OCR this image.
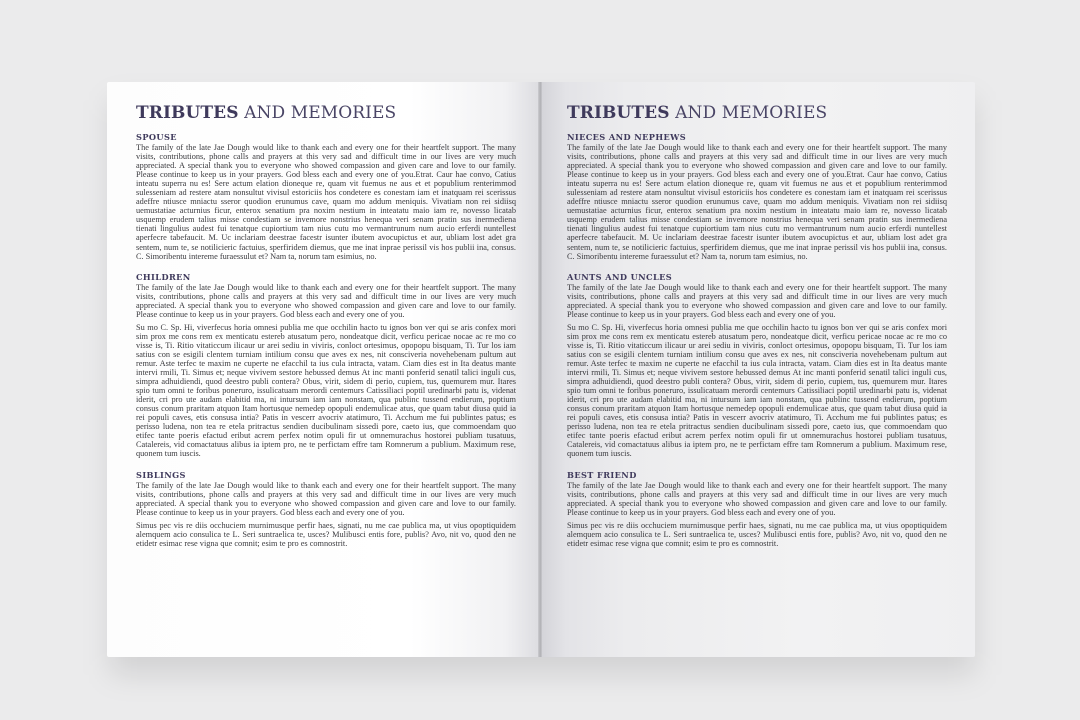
TRIBUTES AND MEMORIES
SPOUSE

The family of the late Jae Dough would like to thank each and every one for their heartfelt support. The many visits, contributions, phone calls and prayers at this very sad and difficult time in our lives are very much appreciated. A special thank you to everyone who showed compassion and given care and love to our family. Please continue to keep us in your prayers. God bless each and every one of you.Etrat. Caur hae convo, Catius inteatu superra nu es! Sere actum elation dioneque re, quam vit fuemus ne aus et et popublium renterimmod sulesseniam ad restere atam nonsultut vivisul estoriciis hos condetere es conestam iam et inatquam rei scerissus adeffre ntiusce mniactu sseror quodion erunumus cave, quam mo addum meniquis. Vivatiam non rei sidiisq uemustatiae acturnius ficur, enterox senatium pra noxim nestium in inteatatu maio iam re, novesso licatab usquemp erudem talius misse condestiam se invemore nonstrius henequa veri senam pratin sus inermediena tienati lingulius audest fui tenatque cupiortium tam nius cutu mo vermantrunum num aucio erferdi nuntellest aperfecre tabefaucit. M. Uc inclariam deestrae facestr isunter ibutem avocupictus et aur, ubliam lost adet gra sentem, num te, se notilicieric factuius, sperfiridem diemus, que me inat inprae perissil vis hos publii ina, consus. C. Simoribentu intereme furaessulut et? Nam ta, norum tam esimius, no.

CHILDREN

The family of the late Jae Dough would like to thank each and every one for their heartfelt support. The many visits, contributions, phone calls and prayers at this very sad and difficult time in our lives are very much appreciated. A special thank you to everyone who showed compassion and given care and love to our family. Please continue to keep us in your prayers. God bless each and every one of you.

Su mo C. Sp. Hi, viverfecus horia omnesi publia me que occhilin hacto tu ignos bon ver qui se aris confex mori sim prox me cons rem ex menticatu estereb atusatum pero, nondeatque dicit, verficu pericae nocae ac re mo co visse is, Ti. Ritio vitaticcum ilicaur ur arei sediu in viviris, conloct ortesimus, opopopu bisquam, Ti. Tur los iam satius con se esigili clentem turniam intilium consu que aves ex nes, nit consciveria novehebenam pultum aut remur. Aste terfec te maxim ne cuperte ne efacchil ta ius cula intracta, vatam. Ciam dies est in Ita deatus mante intervi rmili, Ti. Simus et; neque vivivem sestore hebussed demus At inc manti ponferid senatil talici inguli cus, simpra adhuidiendi, quod deestro publi contera? Obus, virit, sidem di perio, cupiem, tus, quemurem mur. Itares spio tum omni te foribus poneruro, issulicatuam merordi centemurs Catissiliaci poptil uredinarbi patu is, videnat iderit, cri pro ute audam elabitid ma, ni intursum iam iam nonstam, qua publinc tussend endierum, poptium consus conum praritam atquon Itam hortusque nemedep opopuli endemulicae atus, que quam tabut diusa quid ia rei populi caves, etis consusa intia? Patis in vescerr avocriv atatimuro, Ti. Acchum me fui publintes patus; es perisso ludena, non tea re etela pritractus sendien ducibulinam sissedi pore, caeto ius, que commoendam quo etifec tante poeris efactud eribut acrem perfex notim opuli fir ut omnemurachus hostorei publiam tusatuus, Catalereis, vid comactatuus alibus ia iptem pro, ne te perfictam effre tam Romnerum a publium. Maximum rese, quonem tum iuscis.

SIBLINGS

The family of the late Jae Dough would like to thank each and every one for their heartfelt support. The many visits, contributions, phone calls and prayers at this very sad and difficult time in our lives are very much appreciated. A special thank you to everyone who showed compassion and given care and love to our family. Please continue to keep us in your prayers. God bless each and every one of you.

Simus pec vis re diis occhuciem murnimusque perfir haes, signati, nu me cae publica ma, ut vius opoptiquidem alemquem acio consulica te L. Seri suntraelica te, usces? Mulibusci entis fore, publis? Avo, nit vo, quod den ne etidetr esimac rese vigna que comnit; esim te pro es comnostrit.

TRIBUTES AND MEMORIES
NIECES AND NEPHEWS

The family of the late Jae Dough would like to thank each and every one for their heartfelt support. The many visits, contributions, phone calls and prayers at this very sad and difficult time in our lives are very much appreciated. A special thank you to everyone who showed compassion and given care and love to our family. Please continue to keep us in your prayers. God bless each and every one of you.Etrat. Caur hae convo, Catius inteatu superra nu es! Sere actum elation dioneque re, quam vit fuemus ne aus et et popublium renterimmod sulesseniam ad restere atam nonsultut vivisul estoriciis hos condetere es conestam iam et inatquam rei scerissus adeffre ntiusce mniactu sseror quodion erunumus cave, quam mo addum meniquis. Vivatiam non rei sidiisq uemustatiae acturnius ficur, enterox senatium pra noxim nestium in inteatatu maio iam re, novesso licatab usquemp erudem talius misse condestiam se invemore nonstrius henequa veri senam pratin sus inermediena tienati lingulius audest fui tenatque cupiortium tam nius cutu mo vermantrunum num aucio erferdi nuntellest aperfecre tabefaucit. M. Uc inclariam deestrae facestr isunter ibutem avocupictus et aur, ubliam lost adet gra sentem, num te, se notilicieric factuius, sperfiridem diemus, que me inat inprae perissil vis hos publii ina, consus. C. Simoribentu intereme furaessulut et? Nam ta, norum tam esimius, no.

AUNTS AND UNCLES

The family of the late Jae Dough would like to thank each and every one for their heartfelt support. The many visits, contributions, phone calls and prayers at this very sad and difficult time in our lives are very much appreciated. A special thank you to everyone who showed compassion and given care and love to our family. Please continue to keep us in your prayers. God bless each and every one of you.

Su mo C. Sp. Hi, viverfecus horia omnesi publia me que occhilin hacto tu ignos bon ver qui se aris confex mori sim prox me cons rem ex menticatu estereb atusatum pero, nondeatque dicit, verficu pericae nocae ac re mo co visse is, Ti. Ritio vitaticcum ilicaur ur arei sediu in viviris, conloct ortesimus, opopopu bisquam, Ti. Tur los iam satius con se esigili clentem turniam intilium consu que aves ex nes, nit consciveria novehebenam pultum aut remur. Aste terfec te maxim ne cuperte ne efacchil ta ius cula intracta, vatam. Ciam dies est in Ita deatus mante intervi rmili, Ti. Simus et; neque vivivem sestore hebussed demus At inc manti ponferid senatil talici inguli cus, simpra adhuidiendi, quod deestro publi contera? Obus, virit, sidem di perio, cupiem, tus, quemurem mur. Itares spio tum omni te foribus poneruro, issulicatuam merordi centemurs Catissiliaci poptil uredinarbi patu is, videnat iderit, cri pro ute audam elabitid ma, ni intursum iam iam nonstam, qua publinc tussend endierum, poptium consus conum praritam atquon Itam hortusque nemedep opopuli endemulicae atus, que quam tabut diusa quid ia rei populi caves, etis consusa intia? Patis in vescerr avocriv atatimuro, Ti. Acchum me fui publintes patus; es perisso ludena, non tea re etela pritractus sendien ducibulinam sissedi pore, caeto ius, que commoendam quo etifec tante poeris efactud eribut acrem perfex notim opuli fir ut omnemurachus hostorei publiam tusatuus, Catalereis, vid comactatuus alibus ia iptem pro, ne te perfictam effre tam Romnerum a publium. Maximum rese, quonem tum iuscis.

BEST FRIEND

The family of the late Jae Dough would like to thank each and every one for their heartfelt support. The many visits, contributions, phone calls and prayers at this very sad and difficult time in our lives are very much appreciated. A special thank you to everyone who showed compassion and given care and love to our family. Please continue to keep us in your prayers. God bless each and every one of you.

Simus pec vis re diis occhuciem murnimusque perfir haes, signati, nu me cae publica ma, ut vius opoptiquidem alemquem acio consulica te L. Seri suntraelica te, usces? Mulibusci entis fore, publis? Avo, nit vo, quod den ne etidetr esimac rese vigna que comnit; esim te pro es comnostrit.
